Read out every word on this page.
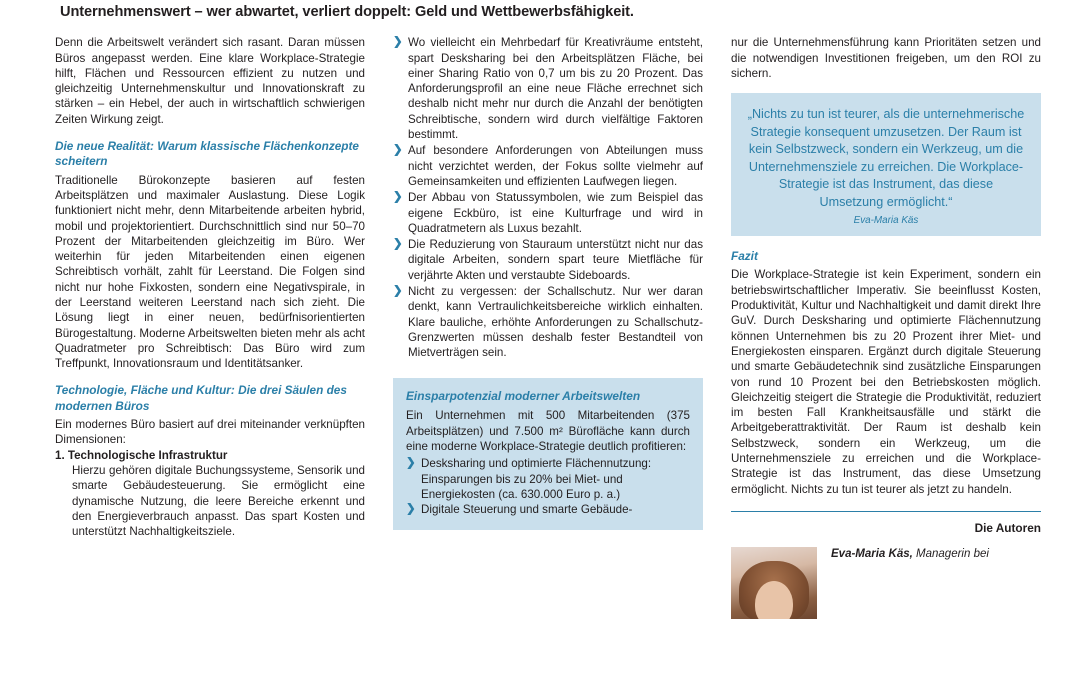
Unternehmenswert – wer abwartet, verliert doppelt: Geld und Wettbewerbsfähigkeit.

Denn die Arbeitswelt verändert sich rasant. Daran müssen Büros angepasst werden. Eine klare Workplace-Strategie hilft, Flächen und Ressourcen effizient zu nutzen und gleichzeitig Unternehmenskultur und Innovationskraft zu stärken – ein Hebel, der auch in wirtschaftlich schwierigen Zeiten Wirkung zeigt.

Die neue Realität: Warum klassische Flächenkonzepte scheitern

Traditionelle Bürokonzepte basieren auf festen Arbeitsplätzen und maximaler Auslastung. Diese Logik funktioniert nicht mehr, denn Mitarbeitende arbeiten hybrid, mobil und projektorientiert. Durchschnittlich sind nur 50–70 Prozent der Mitarbeitenden gleichzeitig im Büro. Wer weiterhin für jeden Mitarbeitenden einen eigenen Schreibtisch vorhält, zahlt für Leerstand. Die Folgen sind nicht nur hohe Fixkosten, sondern eine Negativspirale, in der Leerstand weiteren Leerstand nach sich zieht. Die Lösung liegt in einer neuen, bedürfnisorientierten Bürogestaltung. Moderne Arbeitswelten bieten mehr als acht Quadratmeter pro Schreibtisch: Das Büro wird zum Treffpunkt, Innovationsraum und Identitätsanker.

Technologie, Fläche und Kultur: Die drei Säulen des modernen Büros

Ein modernes Büro basiert auf drei miteinander verknüpften Dimensionen:

1. Technologische Infrastruktur
Hierzu gehören digitale Buchungssysteme, Sensorik und smarte Gebäudesteuerung. Sie ermöglicht eine dynamische Nutzung, die leere Bereiche erkennt und den Energieverbrauch anpasst. Das spart Kosten und unterstützt Nachhaltigkeitsziele.
❯ Wo vielleicht ein Mehrbedarf für Kreativräume entsteht, spart Desksharing bei den Arbeitsplätzen Fläche, bei einer Sharing Ratio von 0,7 um bis zu 20 Prozent. Das Anforderungsprofil an eine neue Fläche errechnet sich deshalb nicht mehr nur durch die Anzahl der benötigten Schreibtische, sondern wird durch vielfältige Faktoren bestimmt.
❯ Auf besondere Anforderungen von Abteilungen muss nicht verzichtet werden, der Fokus sollte vielmehr auf Gemeinsamkeiten und effizienten Laufwegen liegen.
❯ Der Abbau von Statussymbolen, wie zum Beispiel das eigene Eckbüro, ist eine Kulturfrage und wird in Quadratmetern als Luxus bezahlt.
❯ Die Reduzierung von Stauraum unterstützt nicht nur das digitale Arbeiten, sondern spart teure Mietfläche für verjährte Akten und verstaubte Sideboards.
❯ Nicht zu vergessen: der Schallschutz. Nur wer daran denkt, kann Vertraulichkeitsbereiche wirklich einhalten. Klare bauliche, erhöhte Anforderungen zu Schallschutz-Grenzwerten müssen deshalb fester Bestandteil von Mietverträgen sein.
Einsparpotenzial moderner Arbeitswelten
Ein Unternehmen mit 500 Mitarbeitenden (375 Arbeitsplätzen) und 7.500 m² Bürofläche kann durch eine moderne Workplace-Strategie deutlich profitieren:
❯ Desksharing und optimierte Flächennutzung: Einsparungen bis zu 20% bei Miet- und Energiekosten (ca. 630.000 Euro p. a.)
❯ Digitale Steuerung und smarte Gebäude-

nur die Unternehmensführung kann Prioritäten setzen und die notwendigen Investitionen freigeben, um den ROI zu sichern.

„Nichts zu tun ist teurer, als die unternehmerische Strategie konsequent umzusetzen. Der Raum ist kein Selbstzweck, sondern ein Werkzeug, um die Unternehmensziele zu erreichen. Die Workplace-Strategie ist das Instrument, das diese Umsetzung ermöglicht.“
Eva-Maria Käs
Fazit

Die Workplace-Strategie ist kein Experiment, sondern ein betriebswirtschaftlicher Imperativ. Sie beeinflusst Kosten, Produktivität, Kultur und Nachhaltigkeit und damit direkt Ihre GuV. Durch Desksharing und optimierte Flächennutzung können Unternehmen bis zu 20 Prozent ihrer Miet- und Energiekosten einsparen. Ergänzt durch digitale Steuerung und smarte Gebäudetechnik sind zusätzliche Einsparungen von rund 10 Prozent bei den Betriebskosten möglich. Gleichzeitig steigert die Strategie die Produktivität, reduziert im besten Fall Krankheitsausfälle und stärkt die Arbeitgeberattraktivität. Der Raum ist deshalb kein Selbstzweck, sondern ein Werkzeug, um die Unternehmensziele zu erreichen und die Workplace-Strategie ist das Instrument, das diese Umsetzung ermöglicht. Nichts zu tun ist teurer als jetzt zu handeln.

Die Autoren
Eva-Maria Käs, Managerin bei
